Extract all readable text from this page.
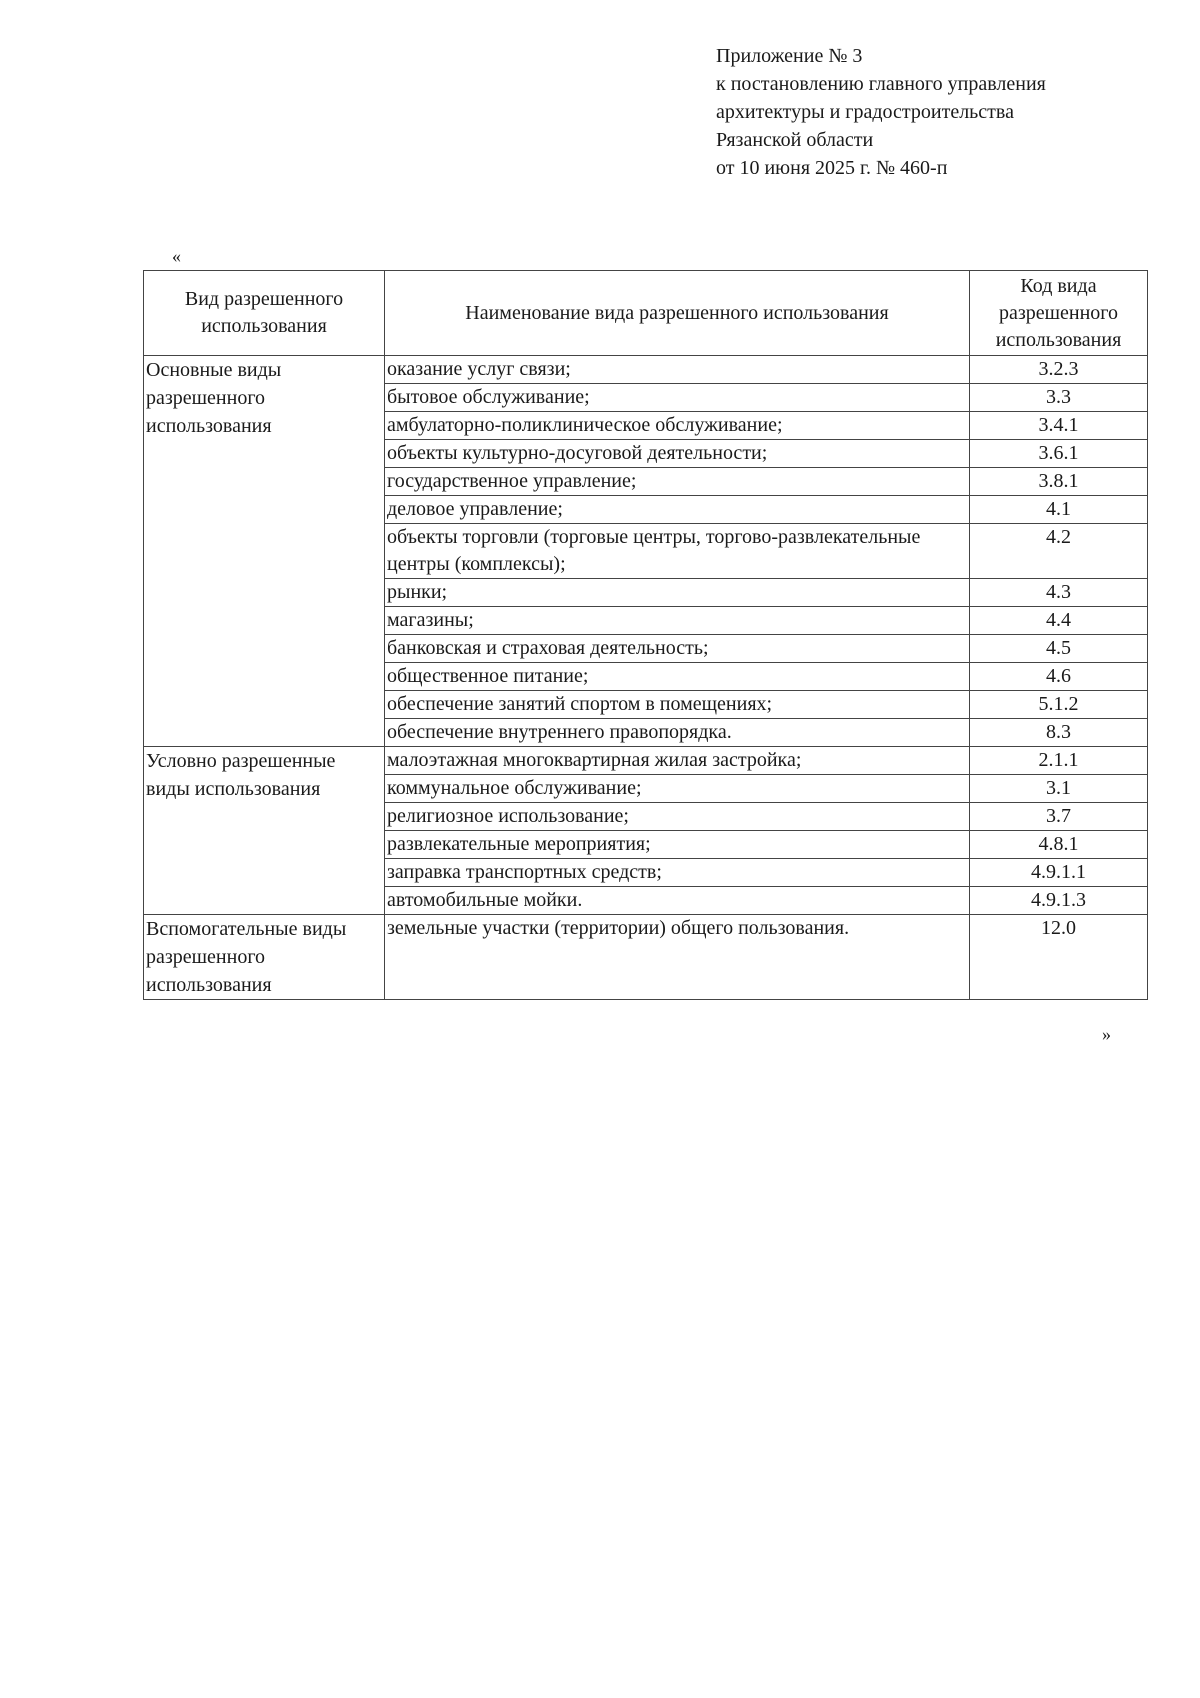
Приложение № 3
к постановлению главного управления
архитектуры и градостроительства
Рязанской области
от 10 июня 2025 г. № 460-п
«
Вид разрешенного использования	Наименование вида разрешенного использования	Код вида разрешенного использования
Основные виды разрешенного использования	оказание услуг связи;	3.2.3
	бытовое обслуживание;	3.3
	амбулаторно-поликлиническое обслуживание;	3.4.1
	объекты культурно-досуговой деятельности;	3.6.1
	государственное управление;	3.8.1
	деловое управление;	4.1
	объекты торговли (торговые центры, торгово-развлекательные центры (комплексы);	4.2
	рынки;	4.3
	магазины;	4.4
	банковская и страховая деятельность;	4.5
	общественное питание;	4.6
	обеспечение занятий спортом в помещениях;	5.1.2
	обеспечение внутреннего правопорядка.	8.3
Условно разрешенные виды использования	малоэтажная многоквартирная жилая застройка;	2.1.1
	коммунальное обслуживание;	3.1
	религиозное использование;	3.7
	развлекательные мероприятия;	4.8.1
	заправка транспортных средств;	4.9.1.1
	автомобильные мойки.	4.9.1.3
Вспомогательные виды разрешенного использования	земельные участки (территории) общего пользования.	12.0
»
